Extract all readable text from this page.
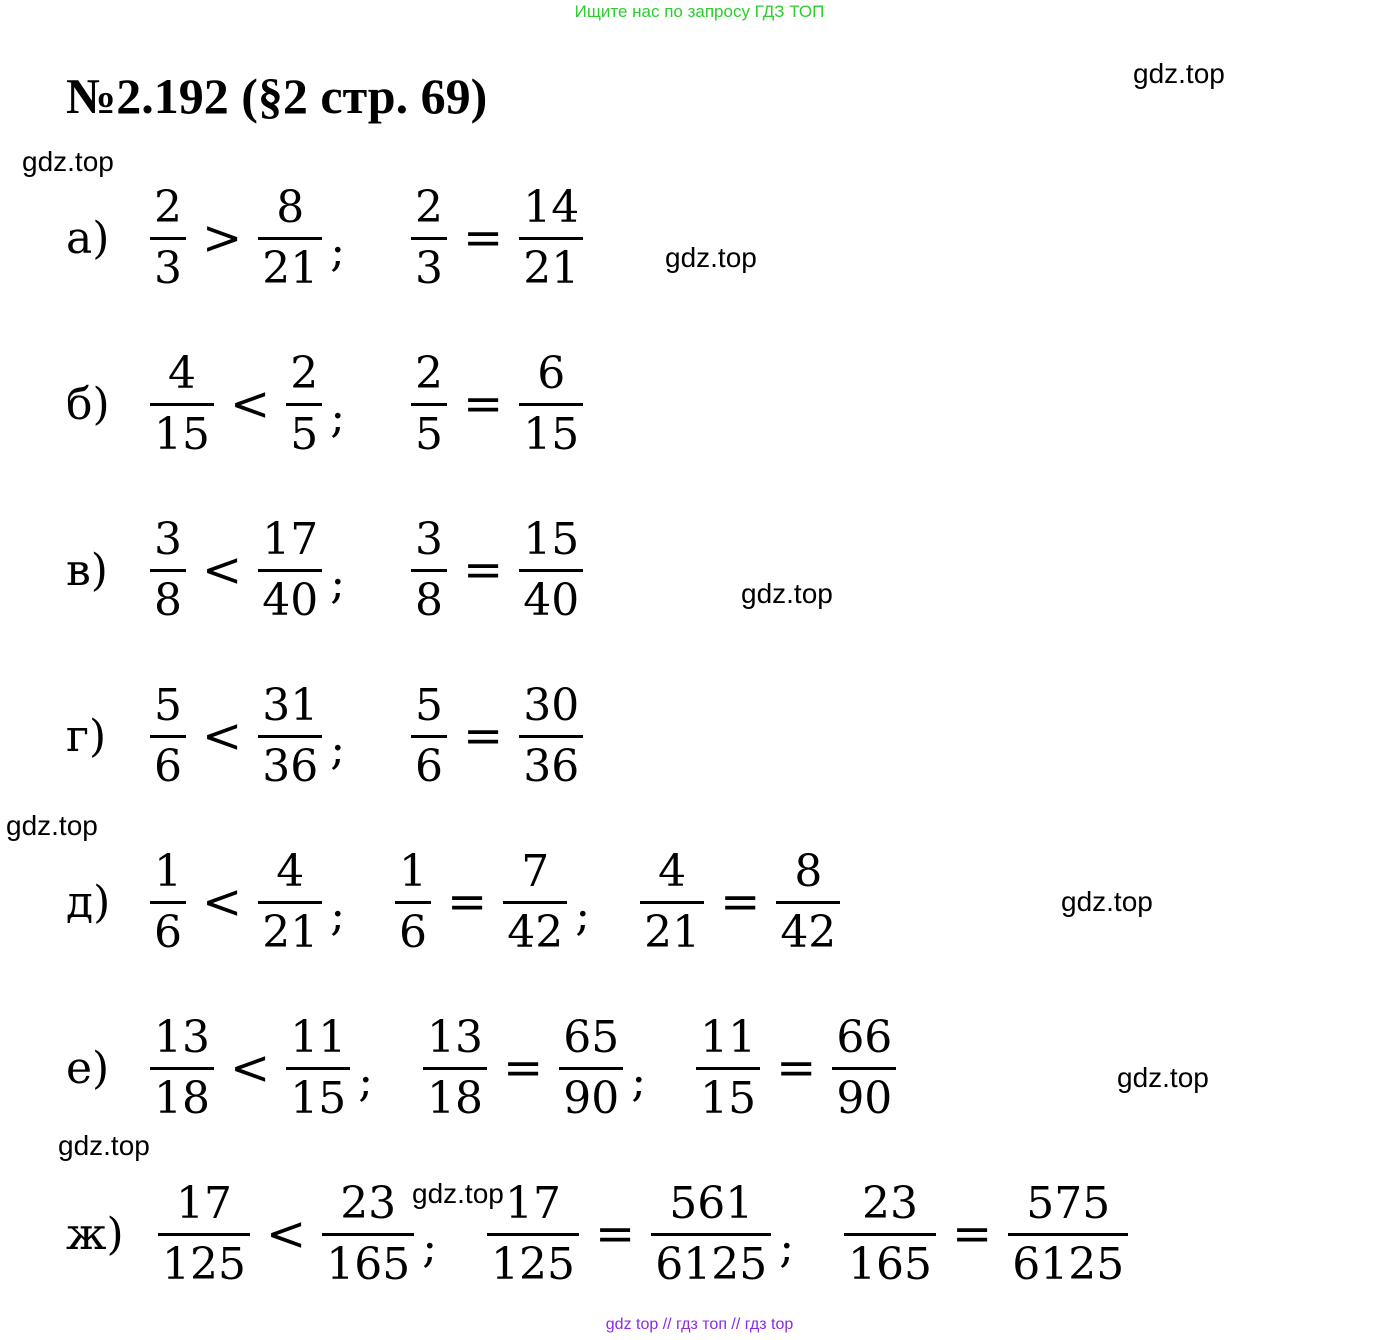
Ищите нас по запросу ГДЗ ТОП
№2.192 (§2 стр. 69)	gdz.top
gdz.top
gdz.top
gdz.top
gdz.top
gdz.top
gdz.top
gdz.top
$а) \frac{2}{3} > \frac{8}{21}$ ; $\frac{2}{3} = \frac{14}{21}$
$б) \frac{4}{15} < \frac{2}{5}$ ; $\frac{2}{5} = \frac{6}{15}$
$в) \frac{3}{8} < \frac{17}{40}$ ; $\frac{3}{8} = \frac{15}{40}$
$г) \frac{5}{6} < \frac{31}{36}$ ; $\frac{5}{6} = \frac{30}{36}$
$д) \frac{1}{6} < \frac{4}{21}$ ; $\frac{1}{6} = \frac{7}{42}$ ; $\frac{4}{21} = \frac{8}{42}$
$е) \frac{13}{18} < \frac{11}{15}$ ; $\frac{13}{18} = \frac{65}{90}$ ; $\frac{11}{15} = \frac{66}{90}$
$ж) \frac{17}{125} < \frac{23}{165}$ ; $\frac{17}{125} = \frac{561}{6125}$ ; $\frac{23}{165} = \frac{575}{6125}$
gdz.top
gdz top // гдз топ // гдз top
